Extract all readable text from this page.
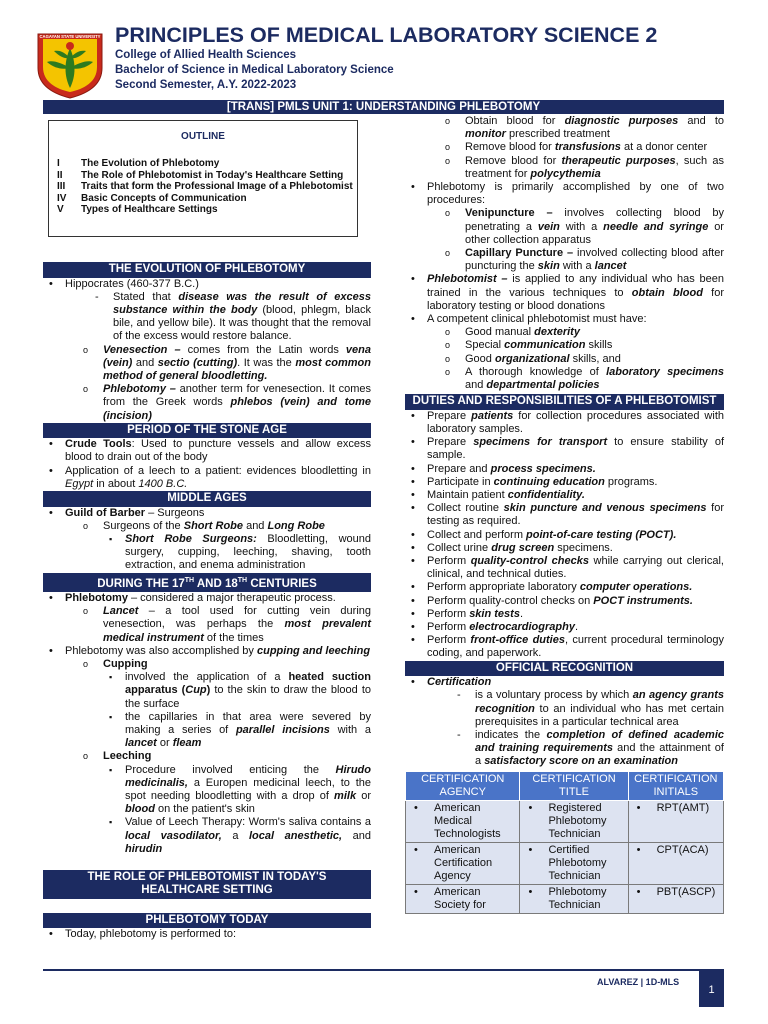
CAGAYAN STATE UNIVERSITY PRINCIPLES OF MEDICAL LABORATORY SCIENCE 2
College of Allied Health Sciences
Bachelor of Science in Medical Laboratory Science
Second Semester, A.Y. 2022-2023
[TRANS] PMLS UNIT 1: UNDERSTANDING PHLEBOTOMY
OUTLINE
I	The Evolution of Phlebotomy
II	The Role of Phlebotomist in Today's Healthcare Setting
III	Traits that form the Professional Image of a Phlebotomist
IV	Basic Concepts of Communication
V	Types of Healthcare Settings
THE EVOLUTION OF PHLEBOTOMY
• Hippocrates (460-377 B.C.)
- Stated that disease was the result of excess substance within the body (blood, phlegm, black bile, and yellow bile). It was thought that the removal of the excess would restore balance.
o Venesection – comes from the Latin words vena (vein) and sectio (cutting). It was the most common method of general bloodletting.
o Phlebotomy – another term for venesection. It comes from the Greek words phlebos (vein) and tome (incision)
PERIOD OF THE STONE AGE
• Crude Tools: Used to puncture vessels and allow excess blood to drain out of the body
• Application of a leech to a patient: evidences bloodletting in Egypt in about 1400 B.C.
MIDDLE AGES
• Guild of Barber – Surgeons
o Surgeons of the Short Robe and Long Robe
▪ Short Robe Surgeons: Bloodletting, wound surgery, cupping, leeching, shaving, tooth extraction, and enema administration
DURING THE 17TH AND 18TH CENTURIES
• Phlebotomy – considered a major therapeutic process.
o Lancet – a tool used for cutting vein during venesection, was perhaps the most prevalent medical instrument of the times
• Phlebotomy was also accomplished by cupping and leeching
o Cupping
▪ involved the application of a heated suction apparatus (Cup) to the skin to draw the blood to the surface
▪ the capillaries in that area were severed by making a series of parallel incisions with a lancet or fleam
o Leeching
▪ Procedure involved enticing the Hirudo medicinalis, a Europen medicinal leech, to the spot needing bloodletting with a drop of milk or blood on the patient's skin
▪ Value of Leech Therapy: Worm's saliva contains a local vasodilator, a local anesthetic, and hirudin
THE ROLE OF PHLEBOTOMIST IN TODAY'S HEALTHCARE SETTING
PHLEBOTOMY TODAY
• Today, phlebotomy is performed to:
o Obtain blood for diagnostic purposes and to monitor prescribed treatment
o Remove blood for transfusions at a donor center
o Remove blood for therapeutic purposes, such as treatment for polycythemia
• Phlebotomy is primarily accomplished by one of two procedures:
o Venipuncture – involves collecting blood by penetrating a vein with a needle and syringe or other collection apparatus
o Capillary Puncture – involved collecting blood after puncturing the skin with a lancet
• Phlebotomist – is applied to any individual who has been trained in the various techniques to obtain blood for laboratory testing or blood donations
• A competent clinical phlebotomist must have:
o Good manual dexterity
o Special communication skills
o Good organizational skills, and
o A thorough knowledge of laboratory specimens and departmental policies
DUTIES AND RESPONSIBILITIES OF A PHLEBOTOMIST
• Prepare patients for collection procedures associated with laboratory samples.
• Prepare specimens for transport to ensure stability of sample.
• Prepare and process specimens.
• Participate in continuing education programs.
• Maintain patient confidentiality.
• Collect routine skin puncture and venous specimens for testing as required.
• Collect and perform point-of-care testing (POCT).
• Collect urine drug screen specimens.
• Perform quality-control checks while carrying out clerical, clinical, and technical duties.
• Perform appropriate laboratory computer operations.
• Perform quality-control checks on POCT instruments.
• Perform skin tests.
• Perform electrocardiography.
• Perform front-office duties, current procedural terminology coding, and paperwork.
OFFICIAL RECOGNITION
• Certification
- is a voluntary process by which an agency grants recognition to an individual who has met certain prerequisites in a particular technical area
- indicates the completion of defined academic and training requirements and the attainment of a satisfactory score on an examination
CERTIFICATION AGENCY	CERTIFICATION TITLE	CERTIFICATION INITIALS
• American Medical Technologists	• Registered Phlebotomy Technician	• RPT(AMT)
• American Certification Agency	• Certified Phlebotomy Technician	• CPT(ACA)
• American Society for	• Phlebotomy Technician	• PBT(ASCP)
ALVAREZ | 1D-MLS
1
